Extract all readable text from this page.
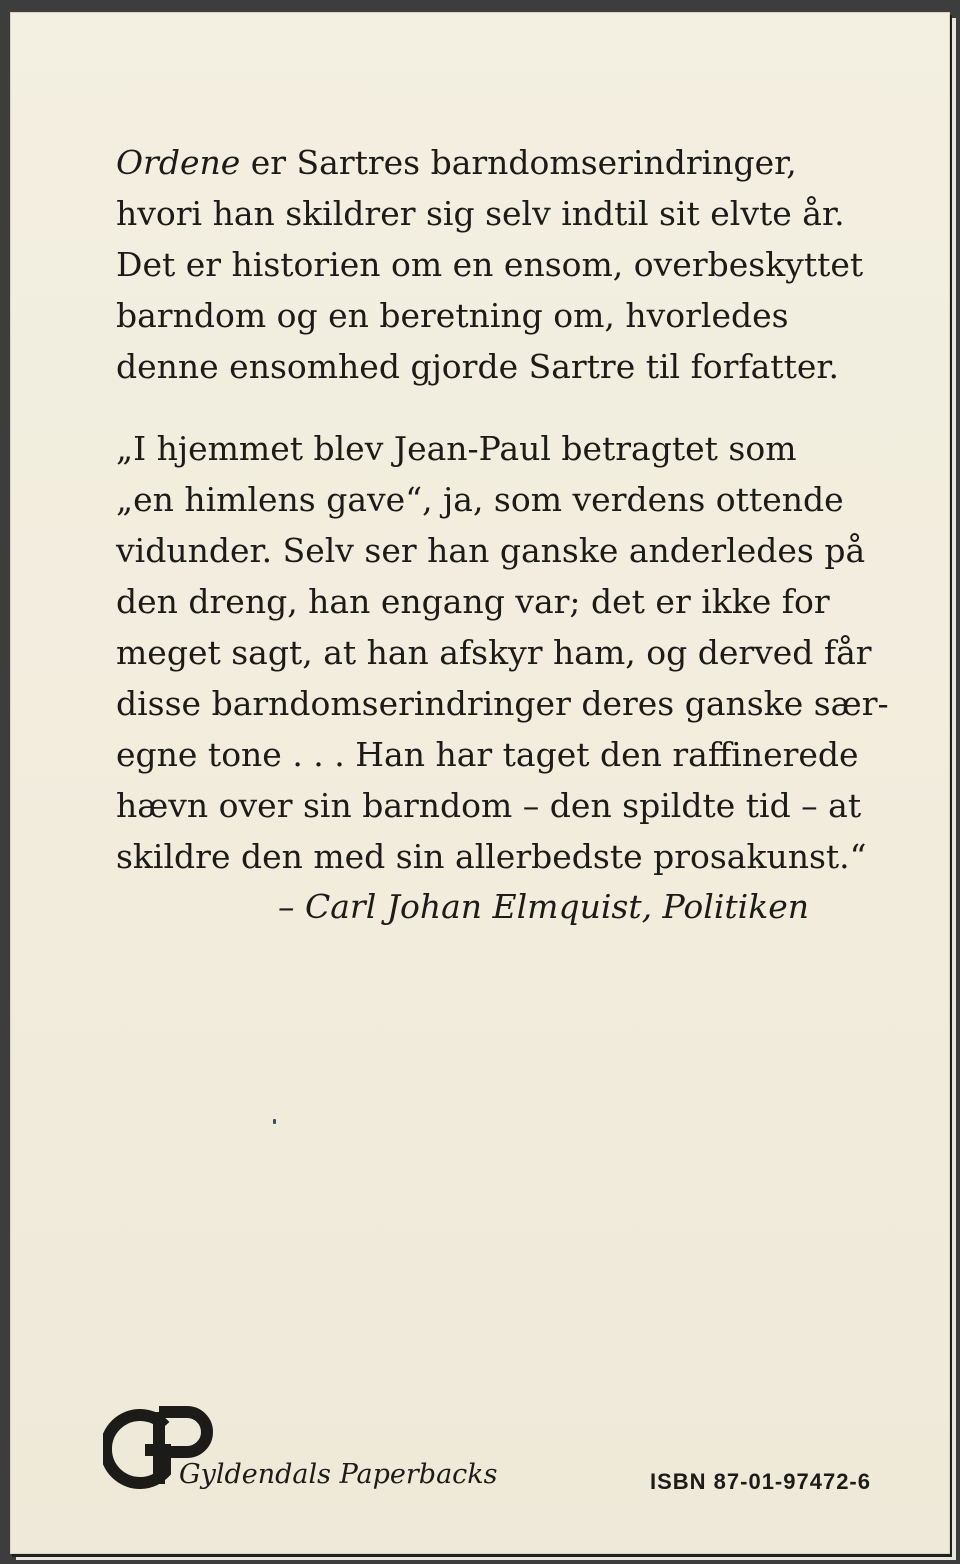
Ordene er Sartres barndomserindringer,
hvori han skildrer sig selv indtil sit elvte år.
Det er historien om en ensom, overbeskyttet
barndom og en beretning om, hvorledes
denne ensomhed gjorde Sartre til forfatter.

„I hjemmet blev Jean-Paul betragtet som
„en himlens gave“, ja, som verdens ottende
vidunder. Selv ser han ganske anderledes på
den dreng, han engang var; det er ikke for
meget sagt, at han afskyr ham, og derved får
disse barndomserindringer deres ganske sær-
egne tone . . . Han har taget den raffinerede
hævn over sin barndom – den spildte tid – at
skildre den med sin allerbedste prosakunst.“

– Carl Johan Elmquist, Politiken
Gyldendals Paperbacks	ISBN 87-01-97472-6
